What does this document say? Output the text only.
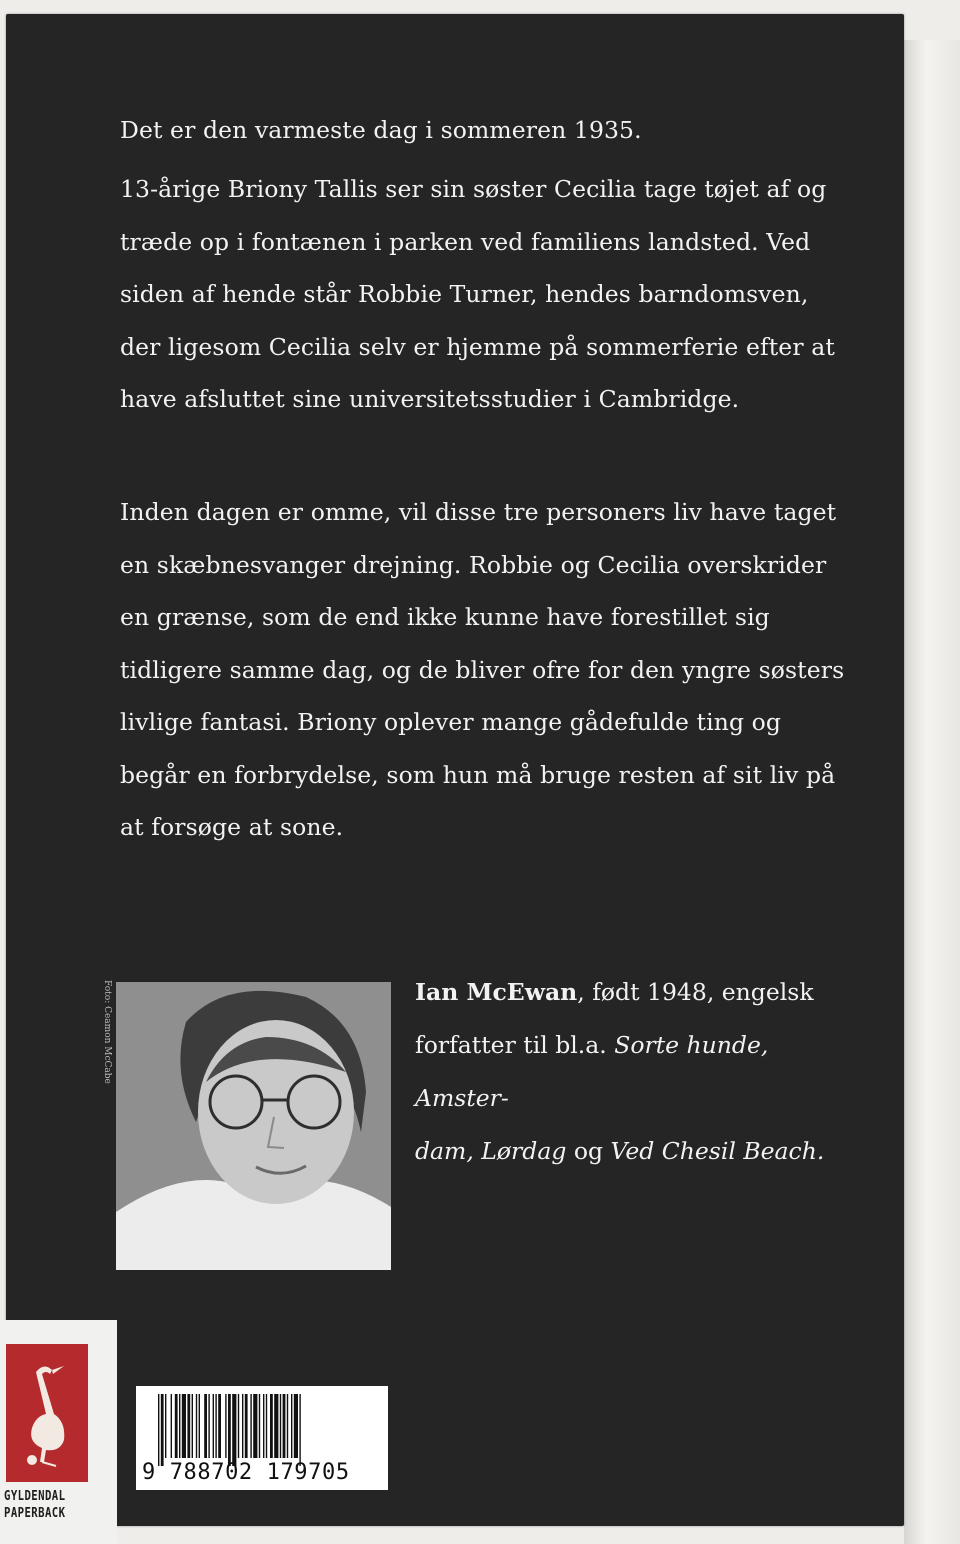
Det er den varmeste dag i sommeren 1935.

13-årige Briony Tallis ser sin søster Cecilia tage tøjet af og

træde op i fontænen i parken ved familiens landsted. Ved

siden af hende står Robbie Turner, hendes barndomsven,

der ligesom Cecilia selv er hjemme på sommerferie efter at

have afsluttet sine universitetsstudier i Cambridge.

Inden dagen er omme, vil disse tre personers liv have taget

en skæbnesvanger drejning. Robbie og Cecilia overskrider

en grænse, som de end ikke kunne have forestillet sig

tidligere samme dag, og de bliver ofre for den yngre søsters

livlige fantasi. Briony oplever mange gådefulde ting og

begår en forbrydelse, som hun må bruge resten af sit liv på

at forsøge at sone.

Foto: Ceamon McCabe	Ian McEwan, født 1948, engelsk
forfatter til bl.a. Sorte hunde, Amster-
dam, Lørdag og Ved Chesil Beach.
GYLDENDAL
PAPERBACK
9 788702 179705
